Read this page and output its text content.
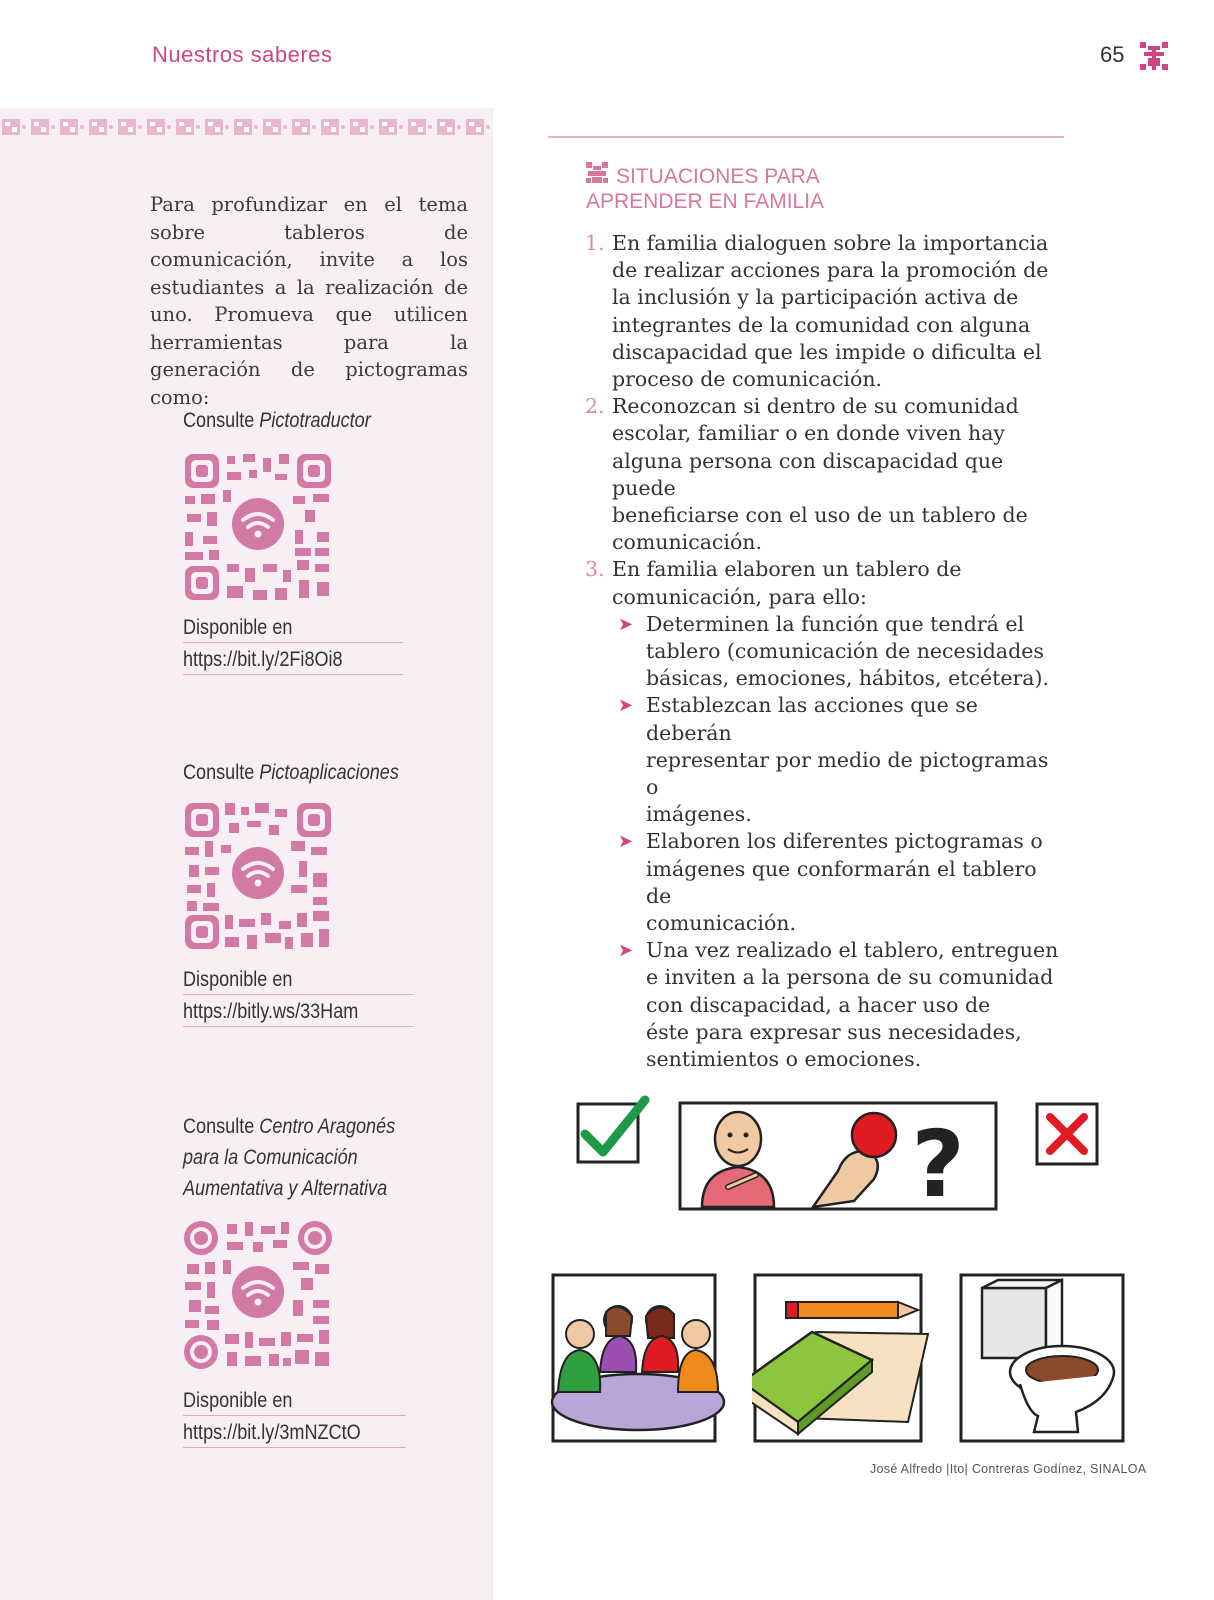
Nuestros saberes	65
Para profundizar en el tema sobre tableros de comunicación, invite a los estudiantes a la realización de uno. Promueva que utilicen herramientas para la generación de pictogramas como:
Consulte Pictotraductor
Disponible en
https://bit.ly/2Fi8Oi8
Consulte Pictoaplicaciones
Disponible en
https://bitly.ws/33Ham
Consulte Centro Aragonés
para la Comunicación
Aumentativa y Alternativa
Disponible en
https://bit.ly/3mNZCtO
SITUACIONES PARA
APRENDER EN FAMILIA
1. En familia dialoguen sobre la importancia
de realizar acciones para la promoción de
la inclusión y la participación activa de
integrantes de la comunidad con alguna
discapacidad que les impide o dificulta el
proceso de comunicación.
2. Reconozcan si dentro de su comunidad
escolar, familiar o en donde viven hay
alguna persona con discapacidad que puede
beneficiarse con el uso de un tablero de
comunicación.
3. En familia elaboren un tablero de
comunicación, para ello:
➤ Determinen la función que tendrá el
tablero (comunicación de necesidades
básicas, emociones, hábitos, etcétera).
➤ Establezcan las acciones que se deberán
representar por medio de pictogramas o
imágenes.
➤ Elaboren los diferentes pictogramas o
imágenes que conformarán el tablero de
comunicación.
➤ Una vez realizado el tablero, entreguen
e inviten a la persona de su comunidad
con discapacidad, a hacer uso de
éste para expresar sus necesidades,
sentimientos o emociones.
?
José Alfredo |Ito| Contreras Godínez, SINALOA
